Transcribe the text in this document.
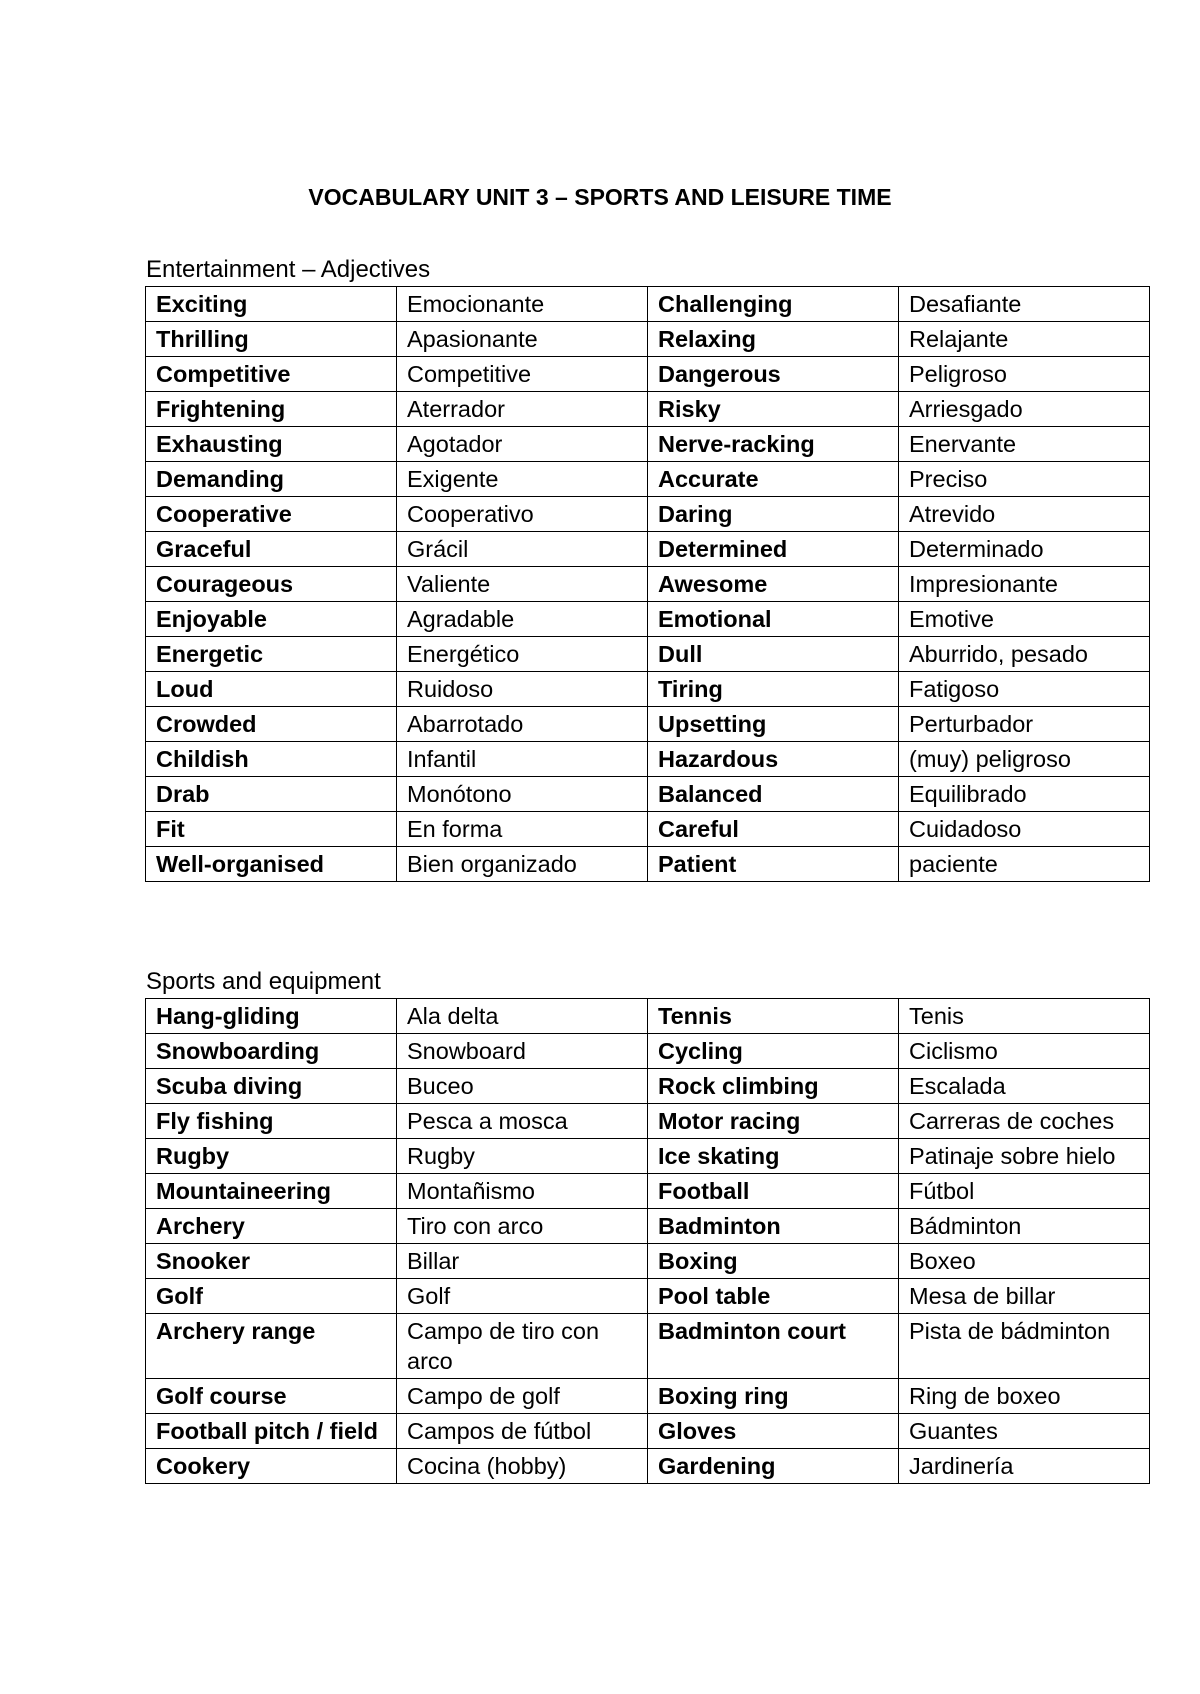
VOCABULARY UNIT 3 – SPORTS AND LEISURE TIME
Entertainment – Adjectives
Exciting	Emocionante	Challenging	Desafiante
Thrilling	Apasionante	Relaxing	Relajante
Competitive	Competitive	Dangerous	Peligroso
Frightening	Aterrador	Risky	Arriesgado
Exhausting	Agotador	Nerve-racking	Enervante
Demanding	Exigente	Accurate	Preciso
Cooperative	Cooperativo	Daring	Atrevido
Graceful	Grácil	Determined	Determinado
Courageous	Valiente	Awesome	Impresionante
Enjoyable	Agradable	Emotional	Emotive
Energetic	Energético	Dull	Aburrido, pesado
Loud	Ruidoso	Tiring	Fatigoso
Crowded	Abarrotado	Upsetting	Perturbador
Childish	Infantil	Hazardous	(muy) peligroso
Drab	Monótono	Balanced	Equilibrado
Fit	En forma	Careful	Cuidadoso
Well-organised	Bien organizado	Patient	paciente
Sports and equipment
Hang-gliding	Ala delta	Tennis	Tenis
Snowboarding	Snowboard	Cycling	Ciclismo
Scuba diving	Buceo	Rock climbing	Escalada
Fly fishing	Pesca a mosca	Motor racing	Carreras de coches
Rugby	Rugby	Ice skating	Patinaje sobre hielo
Mountaineering	Montañismo	Football	Fútbol
Archery	Tiro con arco	Badminton	Bádminton
Snooker	Billar	Boxing	Boxeo
Golf	Golf	Pool table	Mesa de billar
Archery range	Campo de tiro con arco	Badminton court	Pista de bádminton
Golf course	Campo de golf	Boxing ring	Ring de boxeo
Football pitch / field	Campos de fútbol	Gloves	Guantes
Cookery	Cocina (hobby)	Gardening	Jardinería
